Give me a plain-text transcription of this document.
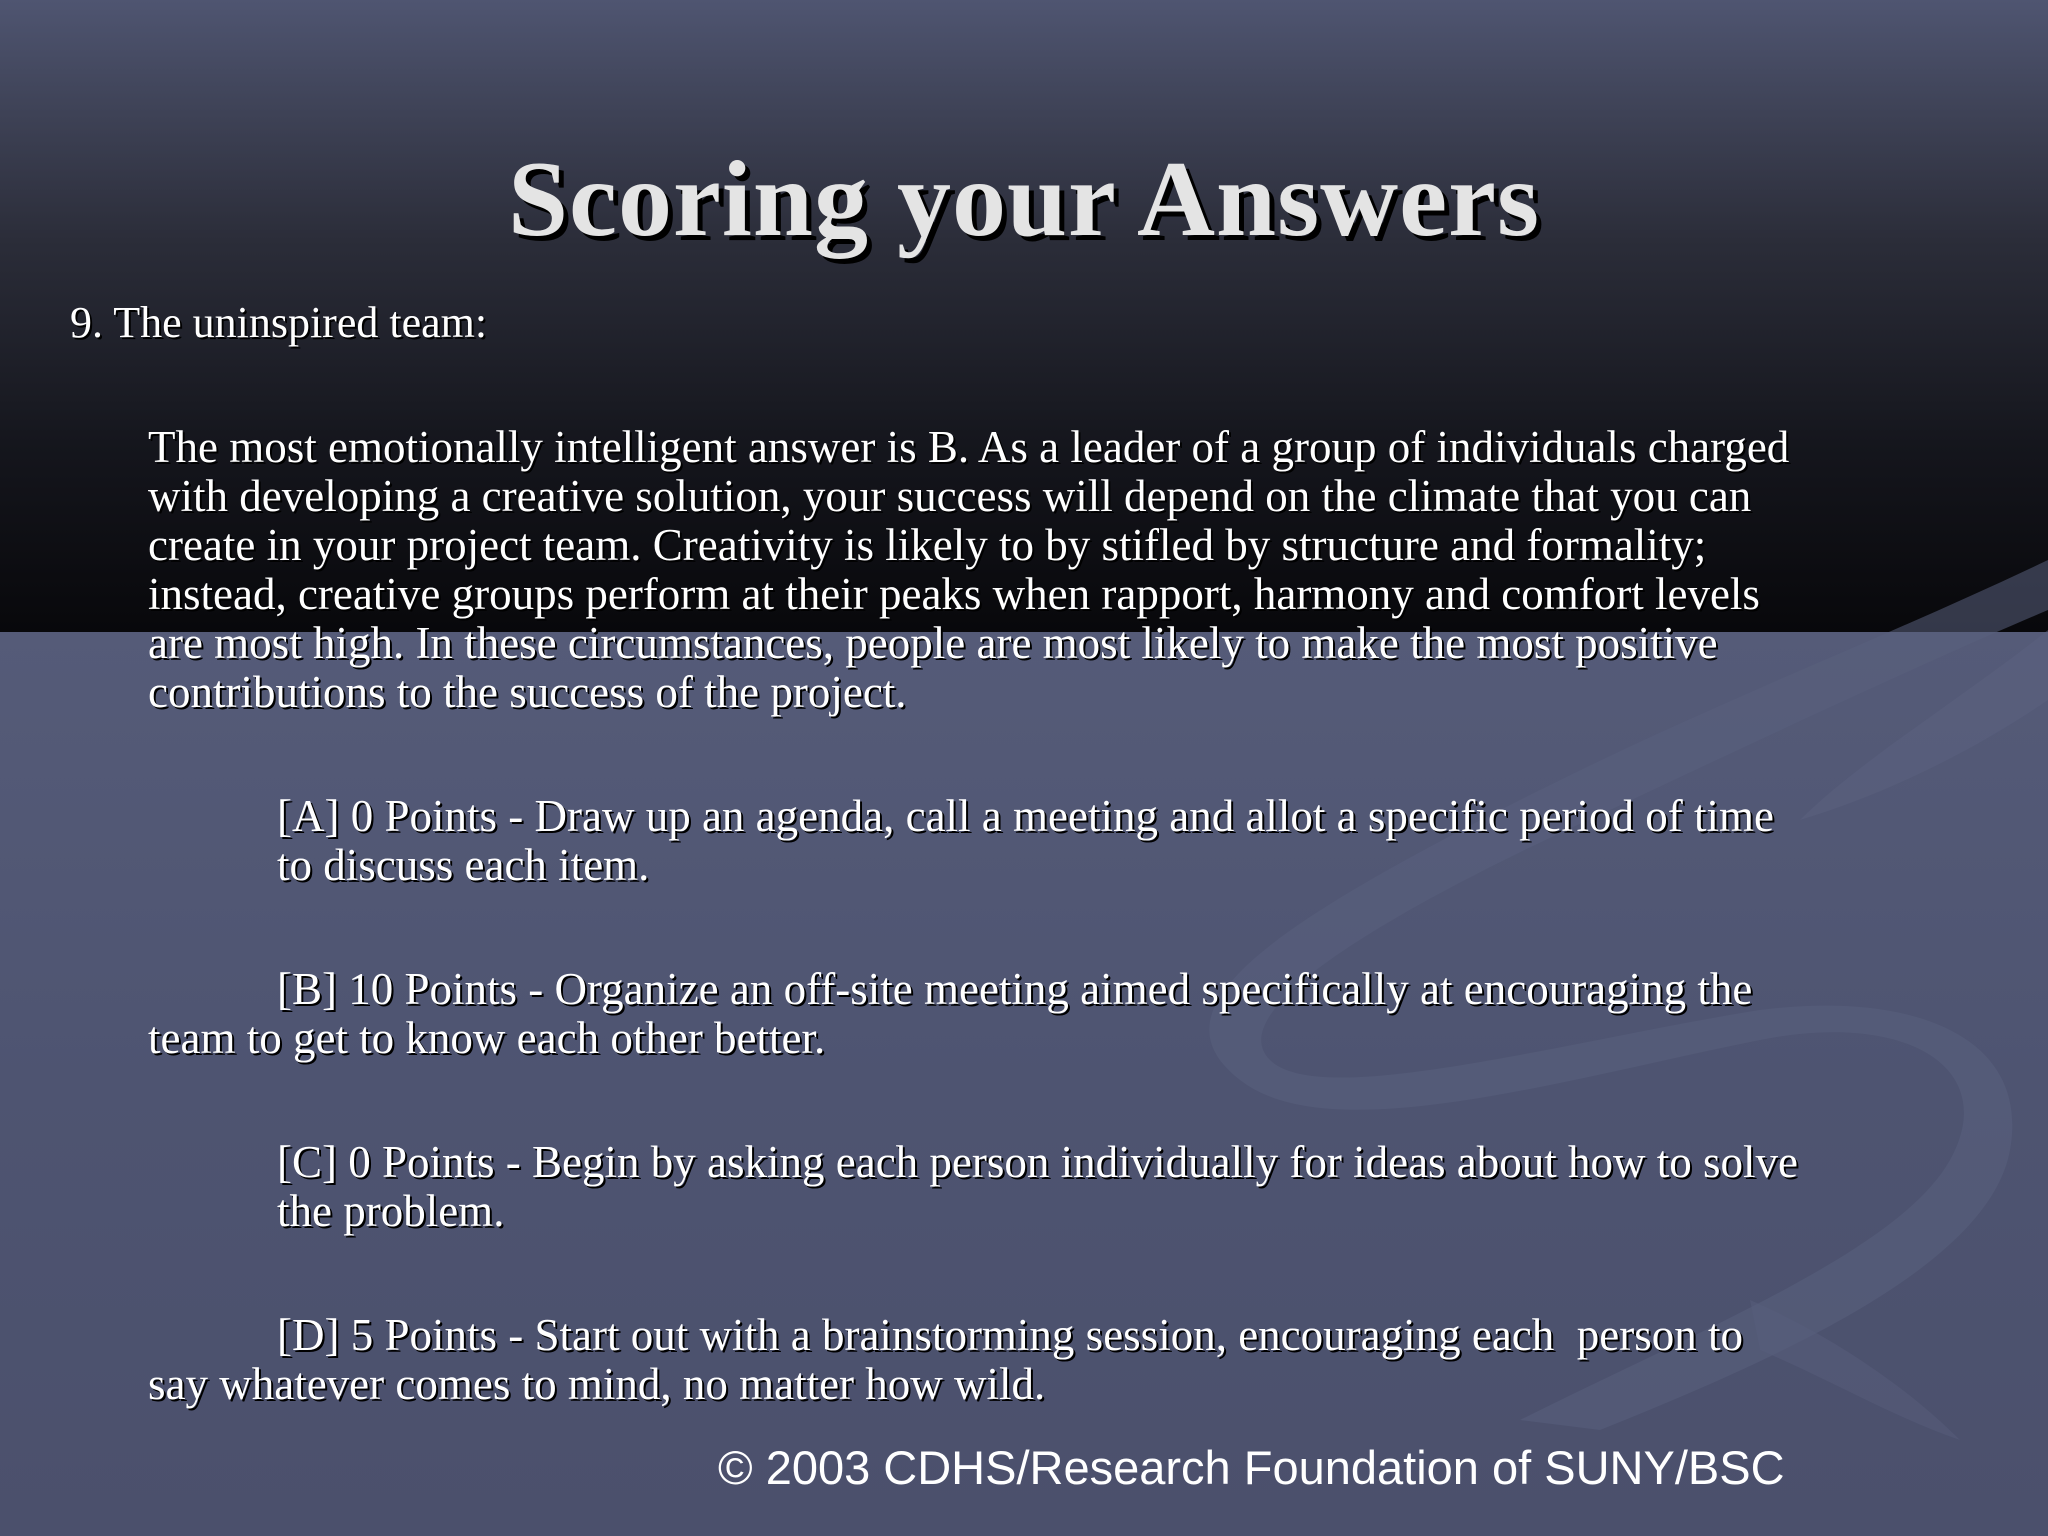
Scoring your Answers
9. The uninspired team:
The most emotionally intelligent answer is B. As a leader of a group of individuals charged
with developing a creative solution, your success will depend on the climate that you can
create in your project team. Creativity is likely to by stifled by structure and formality;
instead, creative groups perform at their peaks when rapport, harmony and comfort levels
are most high. In these circumstances, people are most likely to make the most positive
contributions to the success of the project.
[A] 0 Points - Draw up an agenda, call a meeting and allot a specific period of time
to discuss each item.
[B] 10 Points - Organize an off-site meeting aimed specifically at encouraging the
team to get to know each other better.
[C] 0 Points - Begin by asking each person individually for ideas about how to solve
the problem.
[D] 5 Points - Start out with a brainstorming session, encouraging each  person to
say whatever comes to mind, no matter how wild.
© 2003 CDHS/Research Foundation of SUNY/BSC
